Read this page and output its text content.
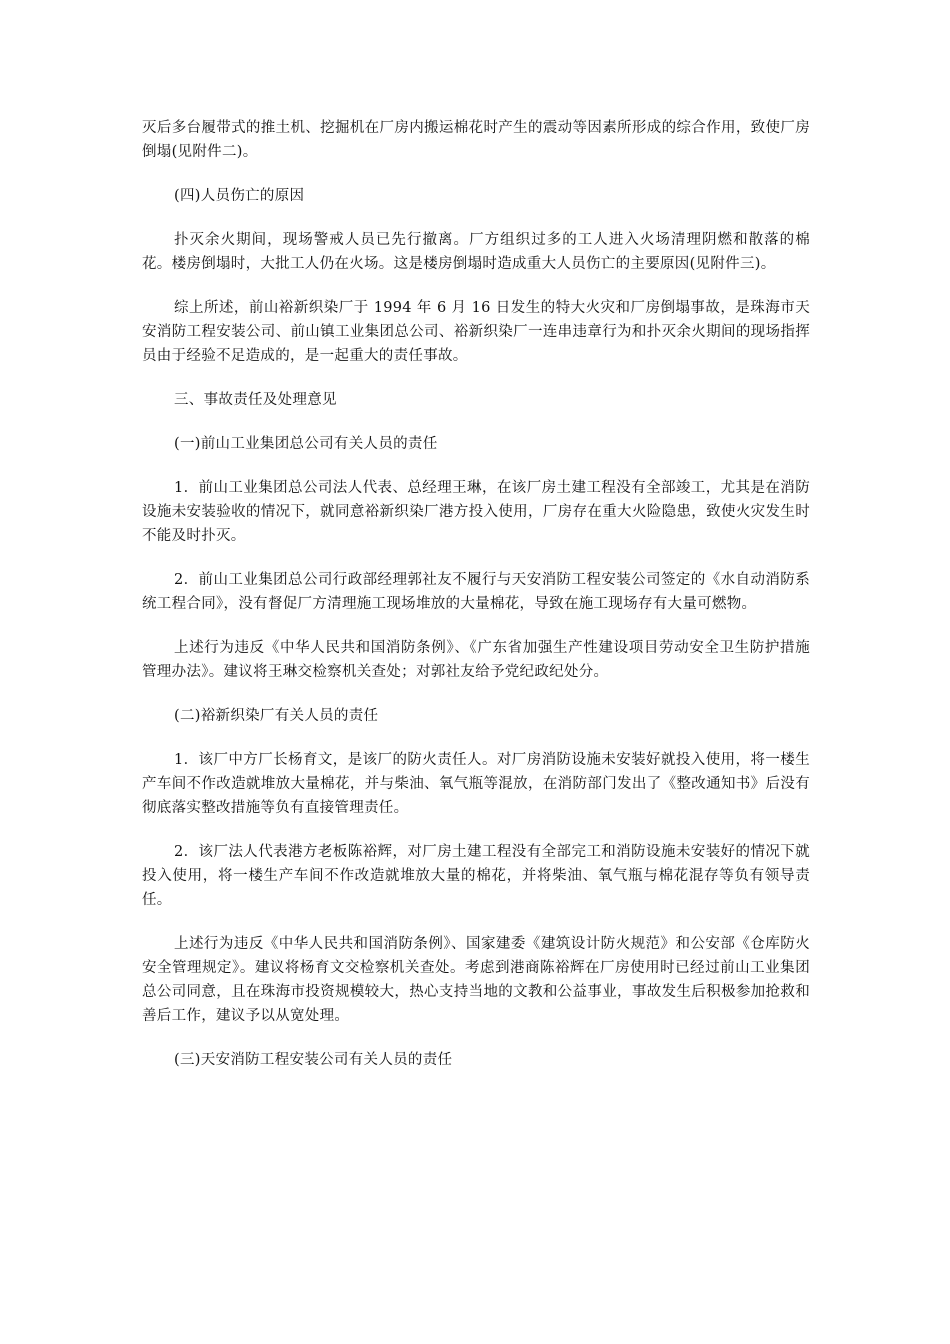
灭后多台履带式的推土机、挖掘机在厂房内搬运棉花时产生的震动等因素所形成的综合作用，致使厂房倒塌(见附件二)。

(四)人员伤亡的原因

扑灭余火期间，现场警戒人员已先行撤离。厂方组织过多的工人进入火场清理阴燃和散落的棉花。楼房倒塌时，大批工人仍在火场。这是楼房倒塌时造成重大人员伤亡的主要原因(见附件三)。

综上所述，前山裕新织染厂于 1994 年 6 月 16 日发生的特大火灾和厂房倒塌事故，是珠海市天安消防工程安装公司、前山镇工业集团总公司、裕新织染厂一连串违章行为和扑灭余火期间的现场指挥员由于经验不足造成的，是一起重大的责任事故。

三、事故责任及处理意见

(一)前山工业集团总公司有关人员的责任

1．前山工业集团总公司法人代表、总经理王琳，在该厂房土建工程没有全部竣工，尤其是在消防设施未安装验收的情况下，就同意裕新织染厂港方投入使用，厂房存在重大火险隐患，致使火灾发生时不能及时扑灭。

2．前山工业集团总公司行政部经理郭社友不履行与天安消防工程安装公司签定的《水自动消防系统工程合同》，没有督促厂方清理施工现场堆放的大量棉花，导致在施工现场存有大量可燃物。

上述行为违反《中华人民共和国消防条例》、《广东省加强生产性建设项目劳动安全卫生防护措施管理办法》。建议将王琳交检察机关查处；对郭社友给予党纪政纪处分。

(二)裕新织染厂有关人员的责任

1．该厂中方厂长杨育文，是该厂的防火责任人。对厂房消防设施未安装好就投入使用，将一楼生产车间不作改造就堆放大量棉花，并与柴油、氧气瓶等混放，在消防部门发出了《整改通知书》后没有彻底落实整改措施等负有直接管理责任。

2．该厂法人代表港方老板陈裕辉，对厂房土建工程没有全部完工和消防设施未安装好的情况下就投入使用，将一楼生产车间不作改造就堆放大量的棉花，并将柴油、氧气瓶与棉花混存等负有领导责任。

上述行为违反《中华人民共和国消防条例》、国家建委《建筑设计防火规范》和公安部《仓库防火安全管理规定》。建议将杨育文交检察机关查处。考虑到港商陈裕辉在厂房使用时已经过前山工业集团总公司同意，且在珠海市投资规模较大，热心支持当地的文教和公益事业，事故发生后积极参加抢救和善后工作，建议予以从宽处理。

(三)天安消防工程安装公司有关人员的责任
